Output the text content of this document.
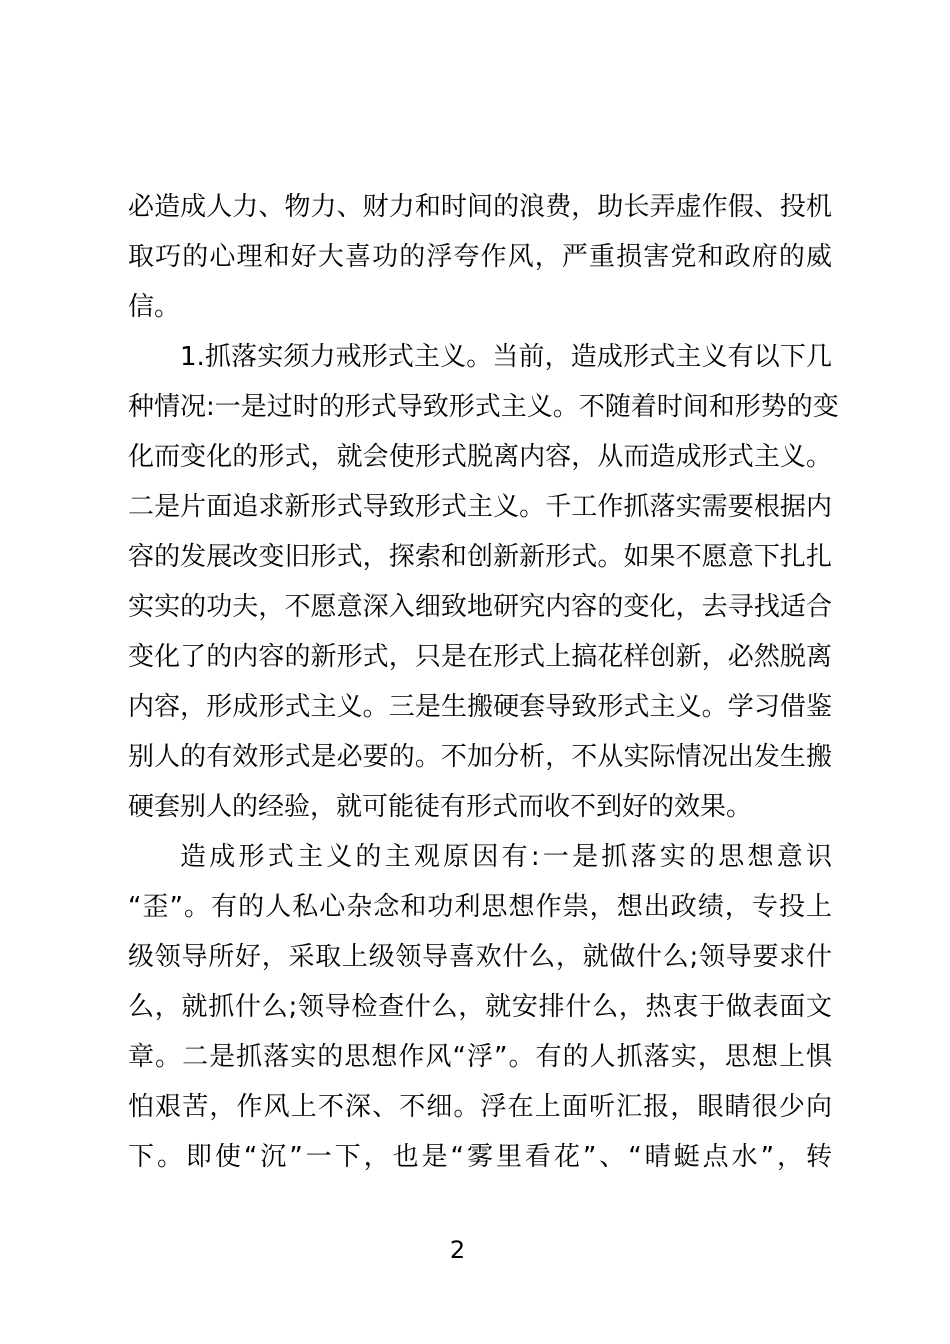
必造成人力、物力、财力和时间的浪费，助长弄虚作假、投机
取巧的心理和好大喜功的浮夸作风，严重损害党和政府的威
信。
1.抓落实须力戒形式主义。当前，造成形式主义有以下几
种情况:一是过时的形式导致形式主义。不随着时间和形势的变
化而变化的形式，就会使形式脱离内容，从而造成形式主义。
二是片面追求新形式导致形式主义。千工作抓落实需要根据内
容的发展改变旧形式，探索和创新新形式。如果不愿意下扎扎
实实的功夫，不愿意深入细致地研究内容的变化，去寻找适合
变化了的内容的新形式，只是在形式上搞花样创新，必然脱离
内容，形成形式主义。三是生搬硬套导致形式主义。学习借鉴
别人的有效形式是必要的。不加分析，不从实际情况出发生搬
硬套别人的经验，就可能徒有形式而收不到好的效果。
造成形式主义的主观原因有:一是抓落实的思想意识
“歪”。有的人私心杂念和功利思想作祟，想出政绩，专投上
级领导所好，采取上级领导喜欢什么，就做什么;领导要求什
么，就抓什么;领导检查什么，就安排什么，热衷于做表面文
章。二是抓落实的思想作风“浮”。有的人抓落实，思想上惧
怕艰苦，作风上不深、不细。浮在上面听汇报，眼睛很少向
下。即使“沉”一下，也是“雾里看花”、“晴蜓点水”，转
2
